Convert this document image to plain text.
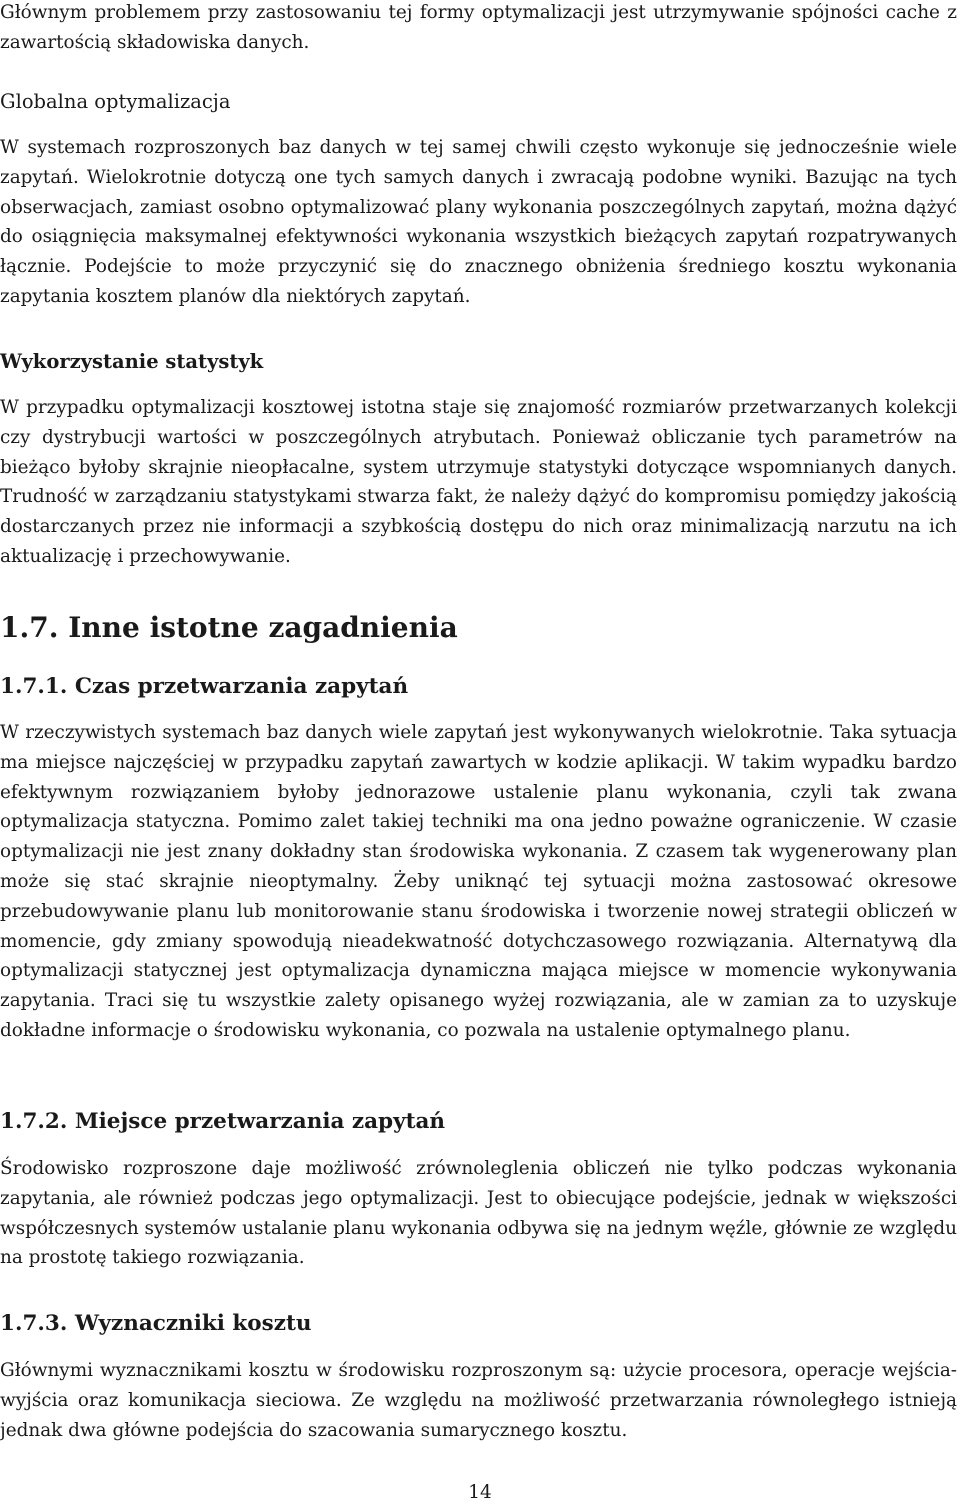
Głównym problemem przy zastosowaniu tej formy optymalizacji jest utrzymywanie spójności cache z zawartością składowiska danych.

Globalna optymalizacja

W systemach rozproszonych baz danych w tej samej chwili często wykonuje się jednocześnie wiele zapytań. Wielokrotnie dotyczą one tych samych danych i zwracają podobne wyniki. Bazując na tych obserwacjach, zamiast osobno optymalizować plany wykonania poszczególnych zapytań, można dążyć do osiągnięcia maksymalnej efektywności wykonania wszystkich bieżących zapytań rozpatrywanych łącznie. Podejście to może przyczynić się do znacznego obniżenia średniego kosztu wykonania zapytania kosztem planów dla niektórych zapytań.

Wykorzystanie statystyk

W przypadku optymalizacji kosztowej istotna staje się znajomość rozmiarów przetwarzanych kolekcji czy dystrybucji wartości w poszczególnych atrybutach. Ponieważ obliczanie tych parametrów na bieżąco byłoby skrajnie nieopłacalne, system utrzymuje statystyki dotyczące wspomnianych danych. Trudność w zarządzaniu statystykami stwarza fakt, że należy dążyć do kompromisu pomiędzy jakością dostarczanych przez nie informacji a szybkością dostępu do nich oraz minimalizacją narzutu na ich aktualizację i przechowywanie.

1.7. Inne istotne zagadnienia
1.7.1. Czas przetwarzania zapytań

W rzeczywistych systemach baz danych wiele zapytań jest wykonywanych wielokrotnie. Taka sytuacja ma miejsce najczęściej w przypadku zapytań zawartych w kodzie aplikacji. W takim wypadku bardzo efektywnym rozwiązaniem byłoby jednorazowe ustalenie planu wykonania, czyli tak zwana optymalizacja statyczna. Pomimo zalet takiej techniki ma ona jedno poważne ograniczenie. W czasie optymalizacji nie jest znany dokładny stan środowiska wykonania. Z czasem tak wygenerowany plan może się stać skrajnie nieoptymalny. Żeby uniknąć tej sytuacji można zastosować okresowe przebudowywanie planu lub monitorowanie stanu środowiska i tworzenie nowej strategii obliczeń w momencie, gdy zmiany spowodują nieadekwatność dotychczasowego rozwiązania. Alternatywą dla optymalizacji statycznej jest optymalizacja dynamiczna mająca miejsce w momencie wykonywania zapytania. Traci się tu wszystkie zalety opisanego wyżej rozwiązania, ale w zamian za to uzyskuje dokładne informacje o środowisku wykonania, co pozwala na ustalenie optymalnego planu.

1.7.2. Miejsce przetwarzania zapytań

Środowisko rozproszone daje możliwość zrównoleglenia obliczeń nie tylko podczas wykonania zapytania, ale również podczas jego optymalizacji. Jest to obiecujące podejście, jednak w większości współczesnych systemów ustalanie planu wykonania odbywa się na jednym węźle, głównie ze względu na prostotę takiego rozwiązania.

1.7.3. Wyznaczniki kosztu

Głównymi wyznacznikami kosztu w środowisku rozproszonym są: użycie procesora, operacje wejścia-wyjścia oraz komunikacja sieciowa. Ze względu na możliwość przetwarzania równoległego istnieją jednak dwa główne podejścia do szacowania sumarycznego kosztu.

14
